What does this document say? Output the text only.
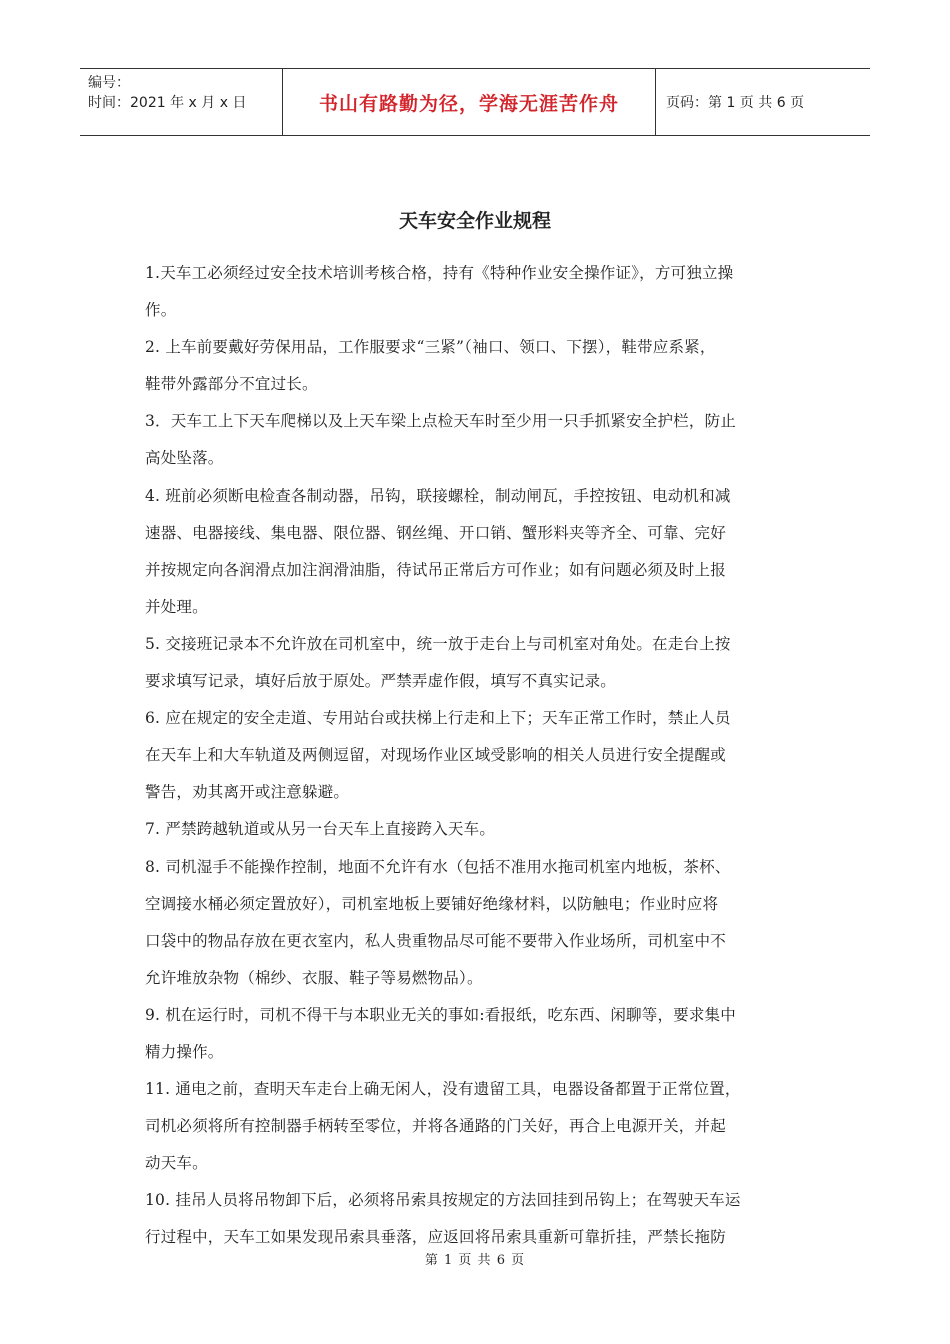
编号：
时间：2021 年 x 月 x 日	书山有路勤为径，学海无涯苦作舟	页码：第 1 页 共 6 页
天车安全作业规程
1.天车工必须经过安全技术培训考核合格，持有《特种作业安全操作证》，方可独立操
作。
2. 上车前要戴好劳保用品，工作服要求“三紧”（袖口、领口、下摆），鞋带应系紧，
鞋带外露部分不宜过长。
3．天车工上下天车爬梯以及上天车梁上点检天车时至少用一只手抓紧安全护栏，防止
高处坠落。
4. 班前必须断电检查各制动器，吊钩，联接螺栓，制动闸瓦，手控按钮、电动机和减
速器、电器接线、集电器、限位器、钢丝绳、开口销、蟹形料夹等齐全、可靠、完好
并按规定向各润滑点加注润滑油脂，待试吊正常后方可作业；如有问题必须及时上报
并处理。
5. 交接班记录本不允许放在司机室中，统一放于走台上与司机室对角处。在走台上按
要求填写记录，填好后放于原处。严禁弄虚作假，填写不真实记录。
6. 应在规定的安全走道、专用站台或扶梯上行走和上下；天车正常工作时，禁止人员
在天车上和大车轨道及两侧逗留，对现场作业区域受影响的相关人员进行安全提醒或
警告，劝其离开或注意躲避。
7. 严禁跨越轨道或从另一台天车上直接跨入天车。
8. 司机湿手不能操作控制，地面不允许有水（包括不准用水拖司机室内地板，茶杯、
空调接水桶必须定置放好），司机室地板上要铺好绝缘材料，以防触电；作业时应将
口袋中的物品存放在更衣室内，私人贵重物品尽可能不要带入作业场所，司机室中不
允许堆放杂物（棉纱、衣服、鞋子等易燃物品）。
9. 机在运行时，司机不得干与本职业无关的事如:看报纸，吃东西、闲聊等，要求集中
精力操作。
11. 通电之前，查明天车走台上确无闲人，没有遗留工具，电器设备都置于正常位置，
司机必须将所有控制器手柄转至零位，并将各通路的门关好，再合上电源开关，并起
动天车。
10. 挂吊人员将吊物卸下后，必须将吊索具按规定的方法回挂到吊钩上；在驾驶天车运
行过程中，天车工如果发现吊索具垂落，应返回将吊索具重新可靠折挂，严禁长拖防
第 1 页 共 6 页
